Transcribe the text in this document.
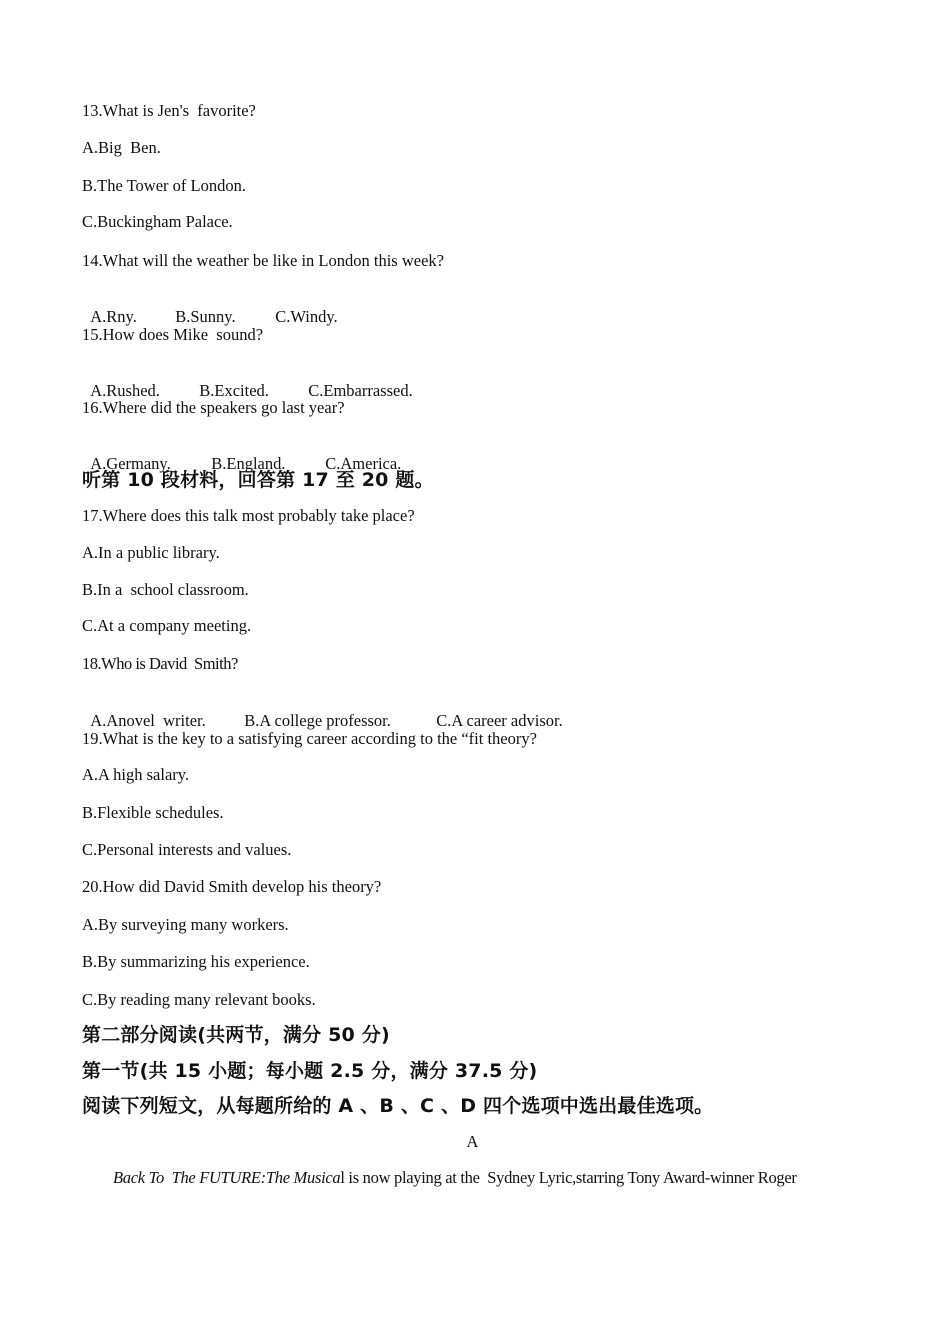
13.What is Jen's  favorite?
A.Big  Ben.
B.The Tower of London.
C.Buckingham Palace.
14.What will the weather be like in London this week?

A.Rny. B.Sunny. C.Windy.

15.How does Mike  sound?

A.Rushed. B.Excited. C.Embarrassed.

16.Where did the speakers go last year?

A.Germany. B.England. C.America.

听第 10 段材料，回答第 17 至 20 题。
17.Where does this talk most probably take place?
A.In a public library.
B.In a  school classroom.
C.At a company meeting.
18.Who is David  Smith?

A.Anovel  writer. B.A college professor.	C.A career advisor.

19.What is the key to a satisfying career according to the “fit theory?
A.A high salary.
B.Flexible schedules.
C.Personal interests and values.
20.How did David Smith develop his theory?
A.By surveying many workers.
B.By summarizing his experience.
C.By reading many relevant books.
第二部分阅读(共两节，满分 50 分)
第一节(共 15 小题；每小题 2.5 分，满分 37.5 分)
阅读下列短文，从每题所给的 A 、B 、C 、D 四个选项中选出最佳选项。
A
Back To  The FUTURE:The Musical is now playing at the  Sydney Lyric,starring Tony Award-winner Roger
